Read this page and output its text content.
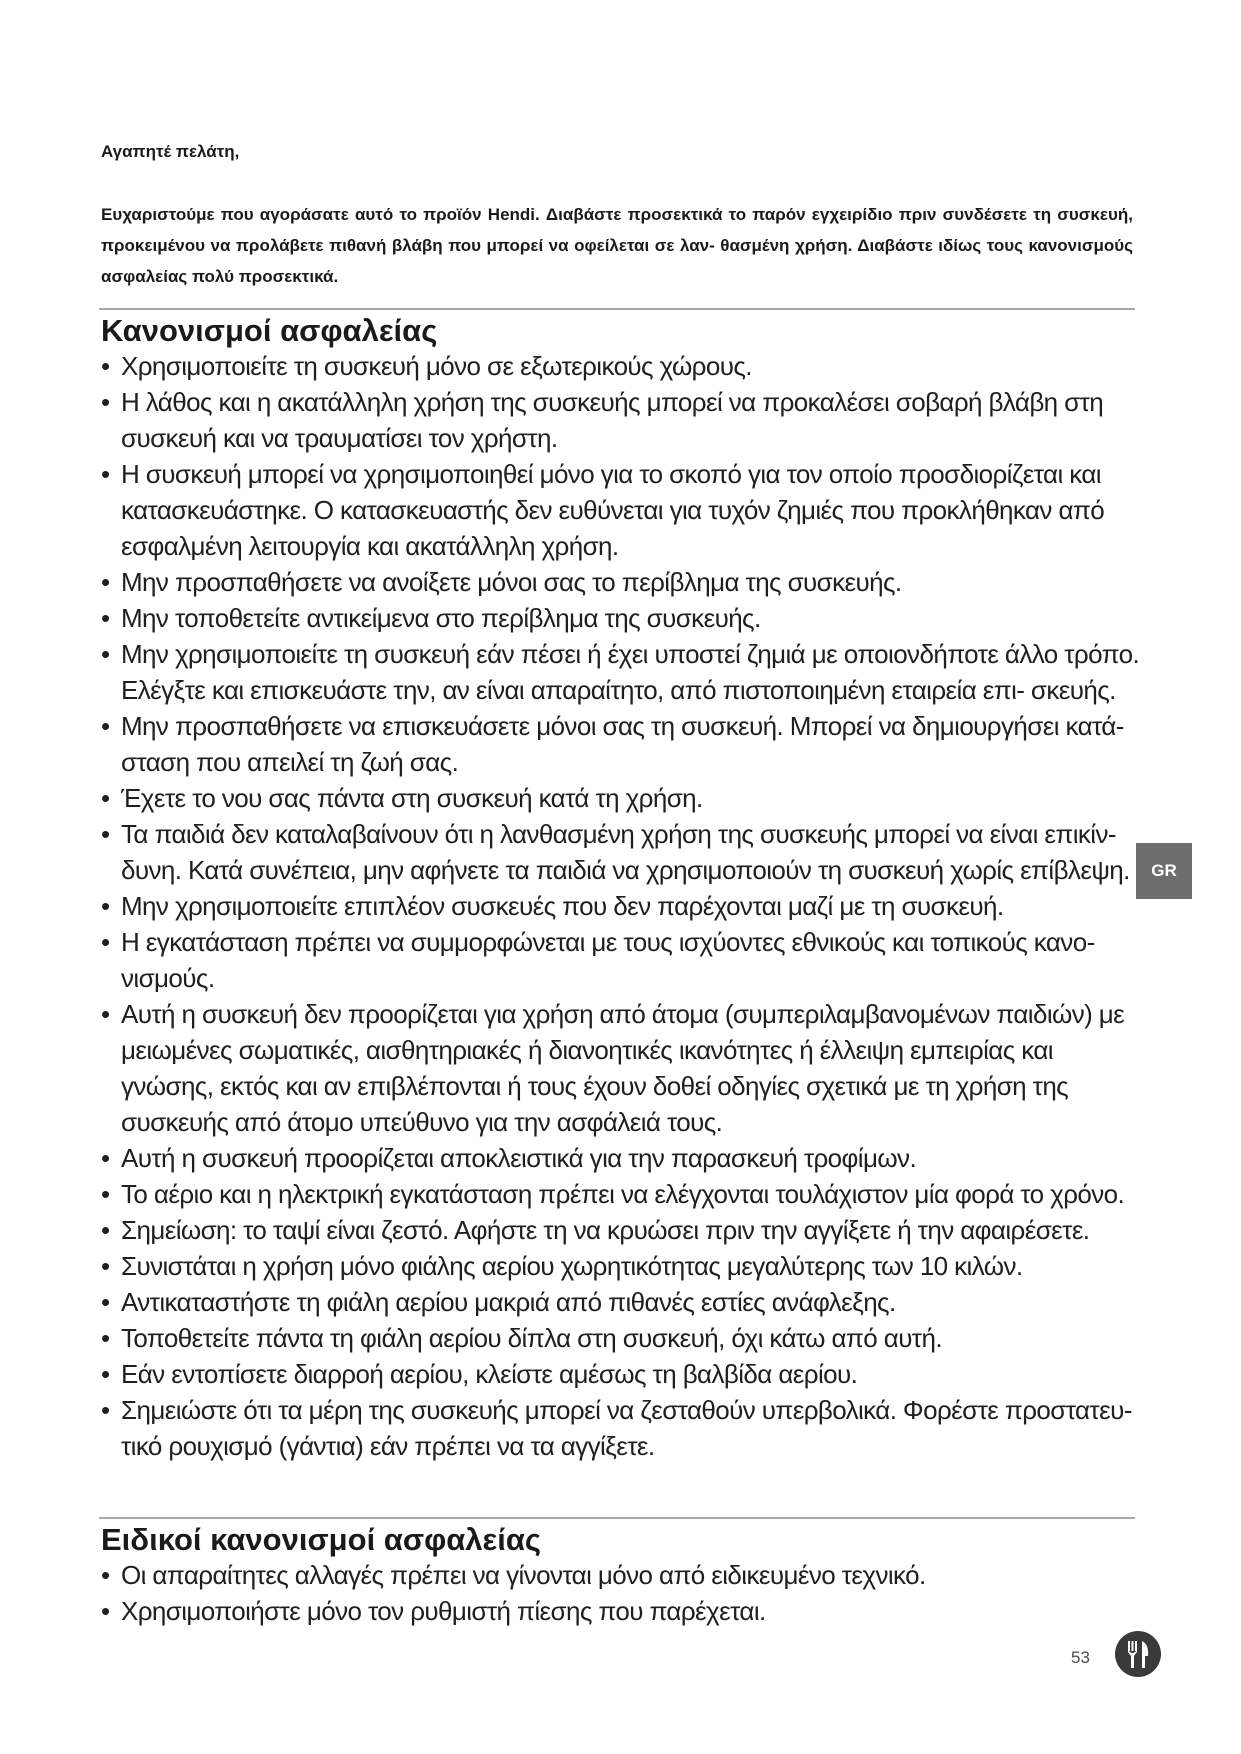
Αγαπητέ πελάτη,
Ευχαριστούμε που αγοράσατε αυτό το προϊόν Hendi. Διαβάστε προσεκτικά το παρόν εγχειρίδιο πριν συνδέσετε τη συσκευή, προκειμένου να προλάβετε πιθανή βλάβη που μπορεί να οφείλεται σε λαν- θασμένη χρήση. Διαβάστε ιδίως τους κανονισμούς ασφαλείας πολύ προσεκτικά.
Κανονισμοί ασφαλείας
• Χρησιμοποιείτε τη συσκευή μόνο σε εξωτερικούς χώρους.
• Η λάθος και η ακατάλληλη χρήση της συσκευής μπορεί να προκαλέσει σοβαρή βλάβη στη συσκευή και να τραυματίσει τον χρήστη.
• Η συσκευή μπορεί να χρησιμοποιηθεί μόνο για το σκοπό για τον οποίο προσδιορίζεται και κατασκευάστηκε. Ο κατασκευαστής δεν ευθύνεται για τυχόν ζημιές που προκλήθηκαν από εσφαλμένη λειτουργία και ακατάλληλη χρήση.
• Μην προσπαθήσετε να ανοίξετε μόνοι σας το περίβλημα της συσκευής.
• Μην τοποθετείτε αντικείμενα στο περίβλημα της συσκευής.
• Μην χρησιμοποιείτε τη συσκευή εάν πέσει ή έχει υποστεί ζημιά με οποιονδήποτε άλλο τρόπο. Ελέγξτε και επισκευάστε την, αν είναι απαραίτητο, από πιστοποιημένη εταιρεία επι- σκευής.
• Μην προσπαθήσετε να επισκευάσετε μόνοι σας τη συσκευή. Μπορεί να δημιουργήσει κατά- σταση που απειλεί τη ζωή σας.
• Έχετε το νου σας πάντα στη συσκευή κατά τη χρήση.
• Τα παιδιά δεν καταλαβαίνουν ότι η λανθασμένη χρήση της συσκευής μπορεί να είναι επικίν- δυνη. Κατά συνέπεια, μην αφήνετε τα παιδιά να χρησιμοποιούν τη συσκευή χωρίς επίβλεψη.
• Μην χρησιμοποιείτε επιπλέον συσκευές που δεν παρέχονται μαζί με τη συσκευή.
• Η εγκατάσταση πρέπει να συμμορφώνεται με τους ισχύοντες εθνικούς και τοπικούς κανο- νισμούς.
• Αυτή η συσκευή δεν προορίζεται για χρήση από άτομα (συμπεριλαμβανομένων παιδιών) με μειωμένες σωματικές, αισθητηριακές ή διανοητικές ικανότητες ή έλλειψη εμπειρίας και γνώσης, εκτός και αν επιβλέπονται ή τους έχουν δοθεί οδηγίες σχετικά με τη χρήση της συσκευής από άτομο υπεύθυνο για την ασφάλειά τους.
• Αυτή η συσκευή προορίζεται αποκλειστικά για την παρασκευή τροφίμων.
• Το αέριο και η ηλεκτρική εγκατάσταση πρέπει να ελέγχονται τουλάχιστον μία φορά το χρόνο.
• Σημείωση: το ταψί είναι ζεστό. Αφήστε τη να κρυώσει πριν την αγγίξετε ή την αφαιρέσετε.
• Συνιστάται η χρήση μόνο φιάλης αερίου χωρητικότητας μεγαλύτερης των 10 κιλών.
• Αντικαταστήστε τη φιάλη αερίου μακριά από πιθανές εστίες ανάφλεξης.
• Τοποθετείτε πάντα τη φιάλη αερίου δίπλα στη συσκευή, όχι κάτω από αυτή.
• Εάν εντοπίσετε διαρροή αερίου, κλείστε αμέσως τη βαλβίδα αερίου.
• Σημειώστε ότι τα μέρη της συσκευής μπορεί να ζεσταθούν υπερβολικά. Φορέστε προστατευ- τικό ρουχισμό (γάντια) εάν πρέπει να τα αγγίξετε.
Ειδικοί κανονισμοί ασφαλείας
• Οι απαραίτητες αλλαγές πρέπει να γίνονται μόνο από ειδικευμένο τεχνικό.
• Χρησιμοποιήστε μόνο τον ρυθμιστή πίεσης που παρέχεται.
GR
53
